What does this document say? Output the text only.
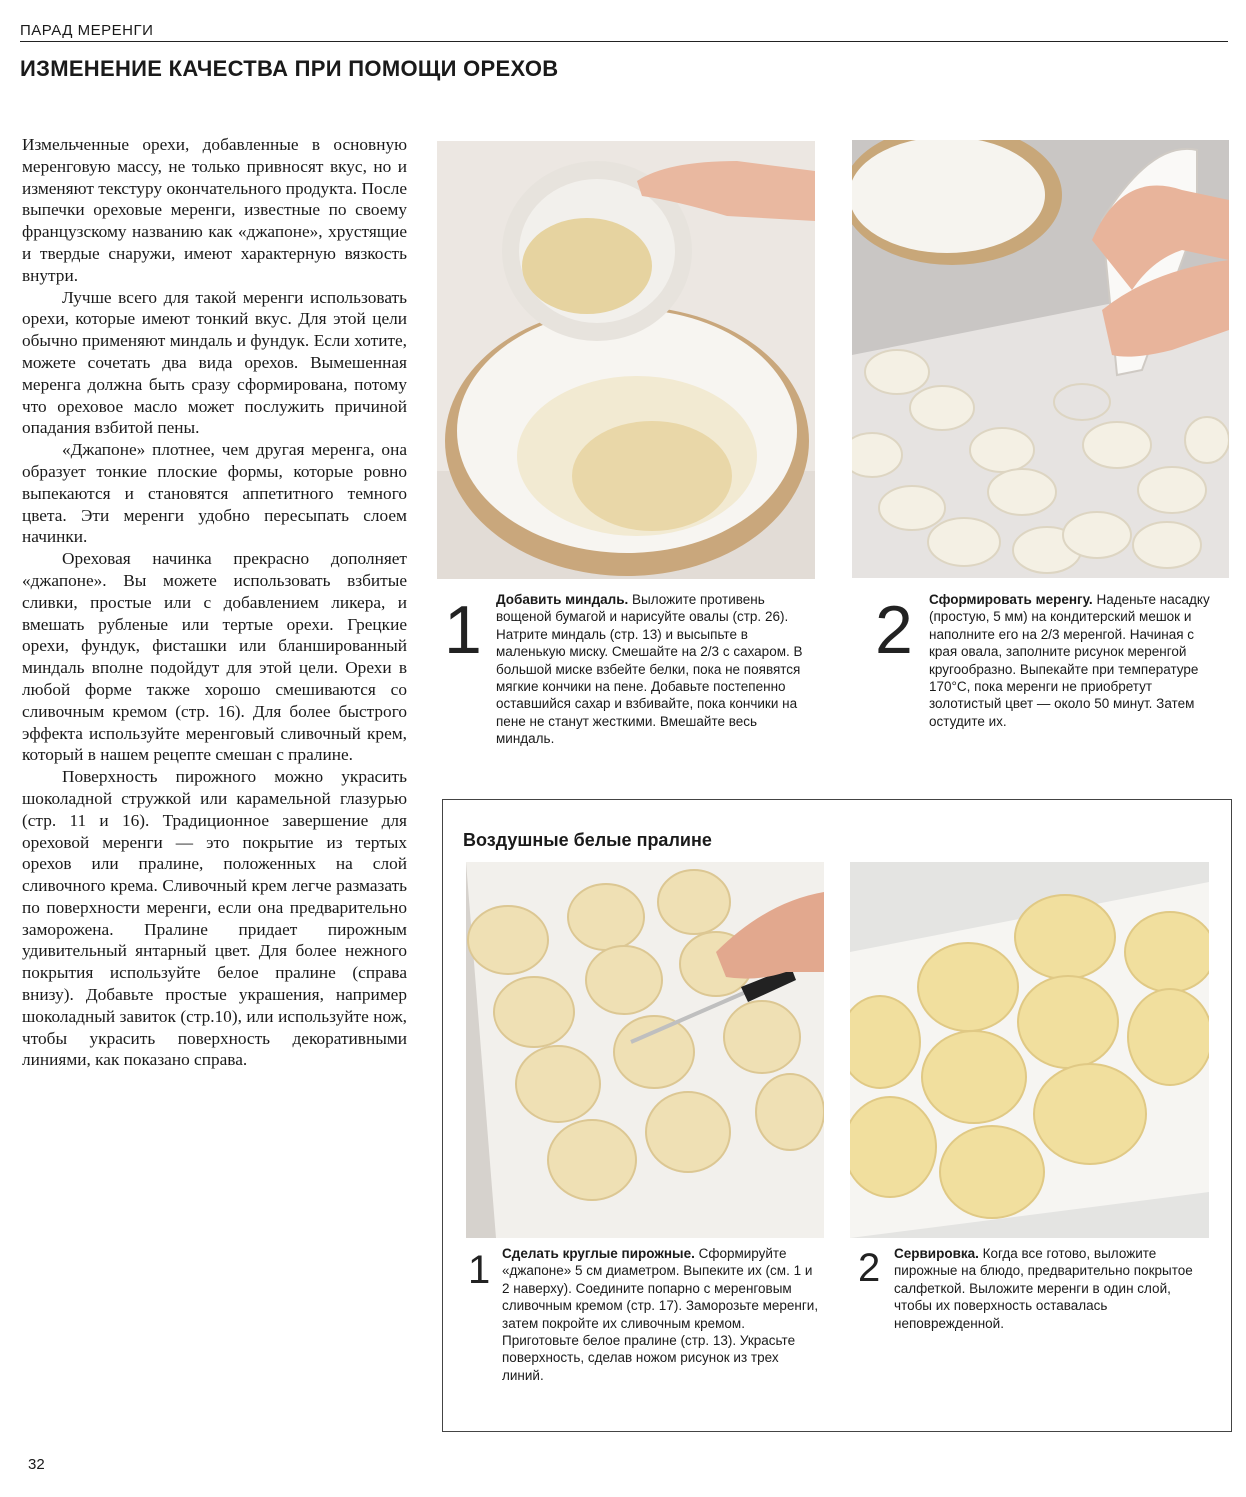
ПАРАД МЕРЕНГИ
ИЗМЕНЕНИЕ КАЧЕСТВА ПРИ ПОМОЩИ ОРЕХОВ

Измельченные орехи, добавленные в основную меренговую массу, не только привносят вкус, но и изменяют текстуру окончательного продукта. После выпечки ореховые меренги, известные по своему французскому названию как «джапоне», хрустящие и твердые снаружи, имеют характерную вязкость внутри.

Лучше всего для такой меренги использовать орехи, которые имеют тонкий вкус. Для этой цели обычно применяют миндаль и фундук. Если хотите, можете сочетать два вида орехов. Вымешенная меренга должна быть сразу сформирована, потому что ореховое масло может послужить причиной опадания взбитой пены.

«Джапоне» плотнее, чем другая меренга, она образует тонкие плоские формы, которые ровно выпекаются и становятся аппетитного темного цвета. Эти меренги удобно пересыпать слоем начинки.

Ореховая начинка прекрасно дополняет «джапоне». Вы можете использовать взбитые сливки, простые или с добавлением ликера, и вмешать рубленые или тертые орехи. Грецкие орехи, фундук, фисташки или бланшированный миндаль вполне подойдут для этой цели. Орехи в любой форме также хорошо смешиваются со сливочным кремом (стр. 16). Для более быстрого эффекта используйте меренговый сливочный крем, который в нашем рецепте смешан с пралине.

Поверхность пирожного можно украсить шоколадной стружкой или карамельной глазурью (стр. 11 и 16). Традиционное завершение для ореховой меренги — это покрытие из тертых орехов или пралине, положенных на слой сливочного крема. Сливочный крем легче размазать по поверхности меренги, если она предварительно заморожена. Пралине придает пирожным удивительный янтарный цвет. Для более нежного покрытия используйте белое пралине (справа внизу). Добавьте простые украшения, например шоколадный завиток (стр.10), или используйте нож, чтобы украсить поверхность декоративными линиями, как показано справа.

1 Добавить миндаль. Выложите противень вощеной бумагой и нарисуйте овалы (стр. 26). Натрите миндаль (стр. 13) и высыпьте в маленькую миску. Смешайте на 2/3 с сахаром. В большой миске взбейте белки, пока не появятся мягкие кончики на пене. Добавьте постепенно оставшийся сахар и взбивайте, пока кончики на пене не станут жесткими. Вмешайте весь миндаль.
2 Сформировать меренгу. Наденьте насадку (простую, 5 мм) на кондитерский мешок и наполните его на 2/3 меренгой. Начиная с края овала, заполните рисунок меренгой кругообразно. Выпекайте при температуре 170°C, пока меренги не приобретут золотистый цвет — около 50 минут. Затем остудите их.
Воздушные белые пралине
1 Сделать круглые пирожные. Сформируйте «джапоне» 5 см диаметром. Выпеките их (см. 1 и 2 наверху). Соедините попарно с меренговым сливочным кремом (стр. 17). Заморозьте меренги, затем покройте их сливочным кремом. Приготовьте белое пралине (стр. 13). Украсьте поверхность, сделав ножом рисунок из трех линий.
2 Сервировка. Когда все готово, выложите пирожные на блюдо, предварительно покрытое салфеткой. Выложите меренги в один слой, чтобы их поверхность оставалась неповрежденной.
32
